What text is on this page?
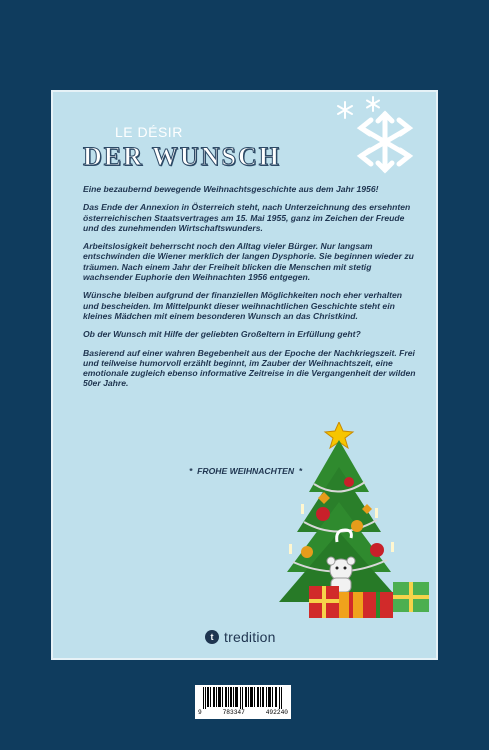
LE DÉSIR
DER WUNSCH

Eine bezaubernd bewegende Weihnachtsgeschichte aus dem Jahr 1956!

Das Ende der Annexion in Österreich steht, nach Unterzeichnung des ersehnten österreichischen Staatsvertrages am 15. Mai 1955, ganz im Zeichen der Freude und des zunehmenden Wirtschaftswunders.

Arbeitslosigkeit beherrscht noch den Alltag vieler Bürger. Nur langsam entschwinden die Wiener merklich der langen Dysphorie. Sie beginnen wieder zu träumen. Nach einem Jahr der Freiheit blicken die Menschen mit stetig wachsender Euphorie den Weihnachten 1956 entgegen.

Wünsche bleiben aufgrund der finanziellen Möglichkeiten noch eher verhalten und bescheiden. Im Mittelpunkt dieser weihnachtlichen Geschichte steht ein kleines Mädchen mit einem besonderen Wunsch an das Christkind.

Ob der Wunsch mit Hilfe der geliebten Großeltern in Erfüllung geht?

Basierend auf einer wahren Begebenheit aus der Epoche der Nachkriegszeit. Frei und teilweise humorvoll erzählt beginnt, im Zauber der Weihnachtszeit, eine emotionale zugleich ebenso informative Zeitreise in die Vergangenheit der wilden 50er Jahre.

*  FROHE WEIHNACHTEN  *
t tredition
9	783347	492240
